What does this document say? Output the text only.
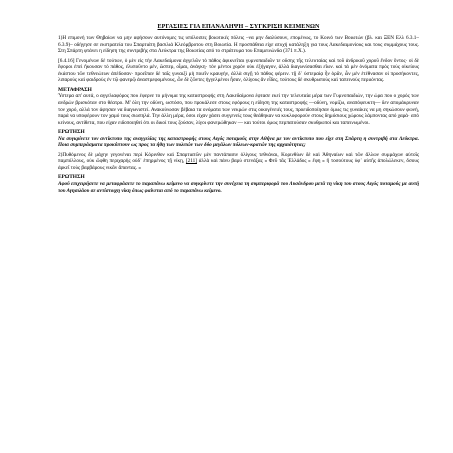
ΕΡΓΑΣΙΕΣ ΓΙΑ ΕΠΑΝΑΛΗΨΗ – ΣΥΓΚΡΙΣΗ ΚΕΙΜΕΝΩΝ

1)Η επιμονή των Θηβαίων να μην αφήσουν αυτόνομες τις υπόλοιπες βοιωτικές πόλεις –να μην διαλύσουν, επομένως, το Κοινό των Βοιωτών (βλ. και ΞΕΝ Ελλ 6.3.1–6.3.9)– οδήγησε σε εκστρατεία του Σπαρτιάτη βασιλιά Κλεόμβροτου στη Βοιωτία. Η προσπάθεια είχε ατυχή κατάληξη για τους Λακεδαιμονίους και τους συμμάχους τους. Στη Σπάρτη φτάνει η είδηση της συντριβής στα Λεύκτρα της Βοιωτίας από το στράτευμα του Επαμεινώνδα (371 π.Χ.).

[6.4.16] Γενομένων δὲ τούτων, ὁ μὲν εἰς τὴν Λακεδαίμονα ἀγγελῶν τὸ πάθος ἀφικνεῖται γυμνοπαιδιῶν τε οὔσης τῆς τελευταίας καὶ τοῦ ἀνδρικοῦ χοροῦ ἔνδον ὄντος· οἱ δὲ ἔφοροι ἐπεὶ ἤκουσαν τὸ πάθος, ἐλυποῦντο μέν, ὥσπερ, οἶμαι, ἀνάγκη· τὸν μέντοι χορὸν οὐκ ἐξήγαγον, ἀλλὰ διαγωνίσασθαι εἴων. καὶ τὰ μὲν ὀνόματα πρὸς τοὺς οἰκείους ἑκάστου τῶν τεθνεώτων ἀπέδοσαν· προεῖπαν δὲ ταῖς γυναιξὶ μὴ ποιεῖν κραυγήν, ἀλλὰ σιγῇ τὸ πάθος φέρειν. τῇ δ᾽ ὑστεραίᾳ ἦν ὁρᾶν, ὧν μὲν ἐτέθνασαν οἱ προσήκοντες, λιπαροὺς καὶ φαιδροὺς ἐν τῷ φανερῷ ἀναστρεφομένους, ὧν δὲ ζῶντες ἠγγελμένοι ἦσαν, ὀλίγους ἂν εἶδες, τούτους δὲ σκυθρωποὺς καὶ ταπεινοὺς περιιόντας.

ΜΕΤΑΦΡΑΣΗ

Ύστερα απ' αυτά, ο αγγελιαφόρος που έφερνε το μήνυμα της καταστροφής στη Λακεδαίμονα έφτασε εκεί την τελευταία μέρα των Γυμνοπαιδιών, την ώρα που ο χορός των ανδρών βρισκόταν στο θέατρο. Μ' όλη την οδύνη, ωστόσο, που προκάλεσε στους εφόρους η είδηση της καταστροφής —οδύνη, νομίζω, αναπόφευκτη— δεν απομάκρυναν τον χορό, αλλά τον άφησαν να διαγωνιστεί. Ανακοίνωσαν βέβαια τα ονόματα των νεκρών στις οικογένειές τους, προειδοποίησαν όμως τις γυναίκες να μη σηκώσουν φωνή, παρά να υποφέρουν τον χαμό τους σιωπηλά. Την άλλη μέρα, όσοι είχαν χάσει συγγενείς τους θεάθηκαν να κυκλοφορούν στους δημόσιους χώρους λάμποντας από χαρά· από κείνους, αντίθετα, που είχαν ειδοποιηθεί ότι οι δικοί τους ζούσαν, λίγοι φανερώθηκαν — και τούτοι όμως περπατούσαν σκυθρωποί και ταπεινωμένοι.

ΕΡΩΤΗΣΗ

Να συγκρίνετε τον αντίκτυπο της αναγγελίας της καταστροφής στους Αιγός ποταμούς στην Αθήνα με τον αντίκτυπο που είχε στη Σπάρτη η συντριβή στα Λεύκτρα. Ποια συμπεράσματα προκύπτουν ως προς τα ήθη των πολιτών των δύο μεγάλων πόλεων-κρατών της αρχαιότητας;

2)Πυθόμενος δὲ μάχην γεγονέναι περὶ Κόρινθον καὶ Σπαρτιατῶν μὲν παντάπασιν ὀλίγους τεθνάναι, Κορινθίων δὲ καὶ Ἀθηναίων καὶ τῶν ἄλλων συμμάχων αὐτοῖς παμπόλλους, οὐκ ὤφθη περιχαρὴς οὐδ᾽ ἐπηρμένος τῇ νίκῃ, [211] ἀλλὰ καὶ πάνυ βαρὺ στενάξας « Φεῦ τᾶς Ἑλλάδος » ἔφη « ἢ τοσούτους ὑφ᾽ αὑτῆς ἀπολώλεκεν, ὅσους ἀρκεῖ τοὺς βαρβάρους νικᾶν ἅπαντας. »

ΕΡΩΤΗΣΗ

Αφού επιχειρήσετε να μεταφράσετε το παραπάνω κείμενο να συγκρίνετε την συνέχεια τη συμπεριφορά του Λυσάνδρου μετά τη νίκη του στους Αιγός ποταμούς με αυτή του Αγησιλάου σε αντίστοιχη νίκη όπως φαίνεται από το παραπάνω κείμενο.
